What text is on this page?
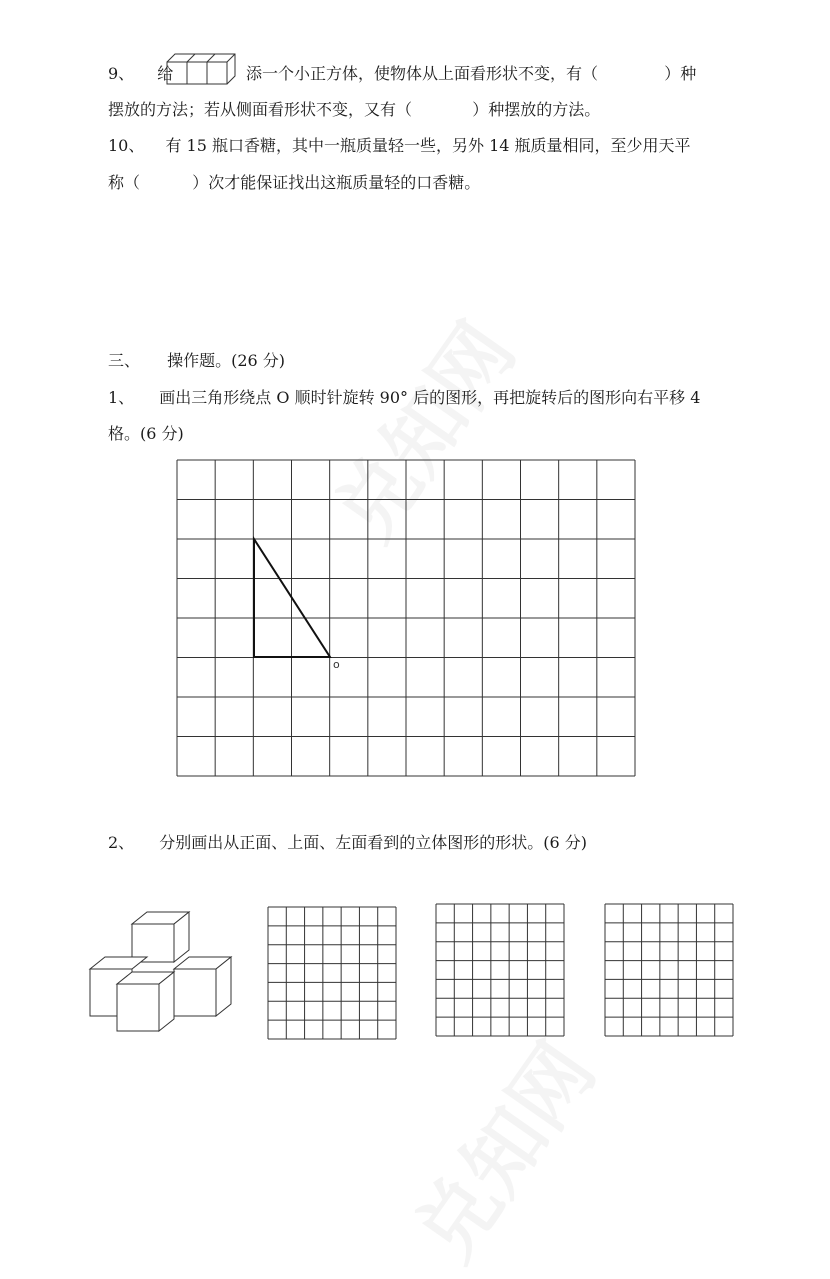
9、 给	添一个小正方体，使物体从上面看形状不变，有（	）种
摆放的方法；若从侧面看形状不变，又有（	）种摆放的方法。
10、 有 15 瓶口香糖，其中一瓶质量轻一些，另外 14 瓶质量相同，至少用天平
称（	）次才能保证找出这瓶质量轻的口香糖。
三、 操作题。(26 分)
1、 画出三角形绕点 O 顺时针旋转 90° 后的图形，再把旋转后的图形向右平移 4
格。(6 分)
o
2、 分别画出从正面、上面、左面看到的立体图形的形状。(6 分)
